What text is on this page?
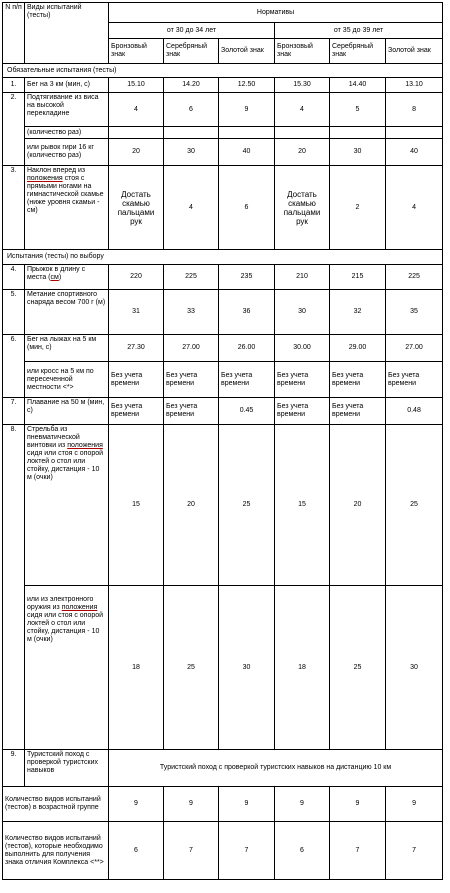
N п/п	Виды испытаний (тесты)	Нормативы					
		от 30 до 34 лет			от 35 до 39 лет		
		Бронзовый знак	Серебряный знак	Золотой знак	Бронзовый знак	Серебряный знак	Золотой знак
Обязательные испытания (тесты)							
1.	Бег на 3 км (мин, с)	15.10	14.20	12.50	15.30	14.40	13.10
2.	Подтягивание из виса на высокой перекладине	4	6	9	4	5	8
	(количество раз)						
	или рывок гири 16 кг (количество раз)	20	30	40	20	30	40
3.	Наклон вперед из положения стоя с прямыми ногами на гимнастической скамье (ниже уровня скамьи - см)	Достать скамью пальцами рук	4	6	Достать скамью пальцами рук	2	4
Испытания (тесты) по выбору							
4.	Прыжок в длину с места (см)	220	225	235	210	215	225
5.	Метание спортивного снаряда весом 700 г (м)	31	33	36	30	32	35
6.	Бег на лыжах на 5 км (мин, с)	27.30	27.00	26.00	30.00	29.00	27.00
	или кросс на 5 км по пересеченной местности <*>	Без учета времени	Без учета времени	Без учета времени	Без учета времени	Без учета времени	Без учета времени
7.	Плавание на 50 м (мин, с)	Без учета времени	Без учета времени	0.45	Без учета времени	Без учета времени	0.48
8.	Стрельба из пневматической винтовки из положения сидя или стоя с опорой локтей о стол или стойку, дистанция - 10 м (очки)	15	20	25	15	20	25
	или из электронного оружия из положения сидя или стоя с опорой локтей о стол или стойку, дистанция - 10 м (очки)	18	25	30	18	25	30
9.	Туристский поход с проверкой туристских навыков	Туристский поход с проверкой туристских навыков на дистанцию 10 км					
Количество видов испытаний (тестов) в возрастной группе		9	9	9	9	9	9
Количество видов испытаний (тестов), которые необходимо выполнить для получения знака отличия Комплекса <**>		6	7	7	6	7	7
